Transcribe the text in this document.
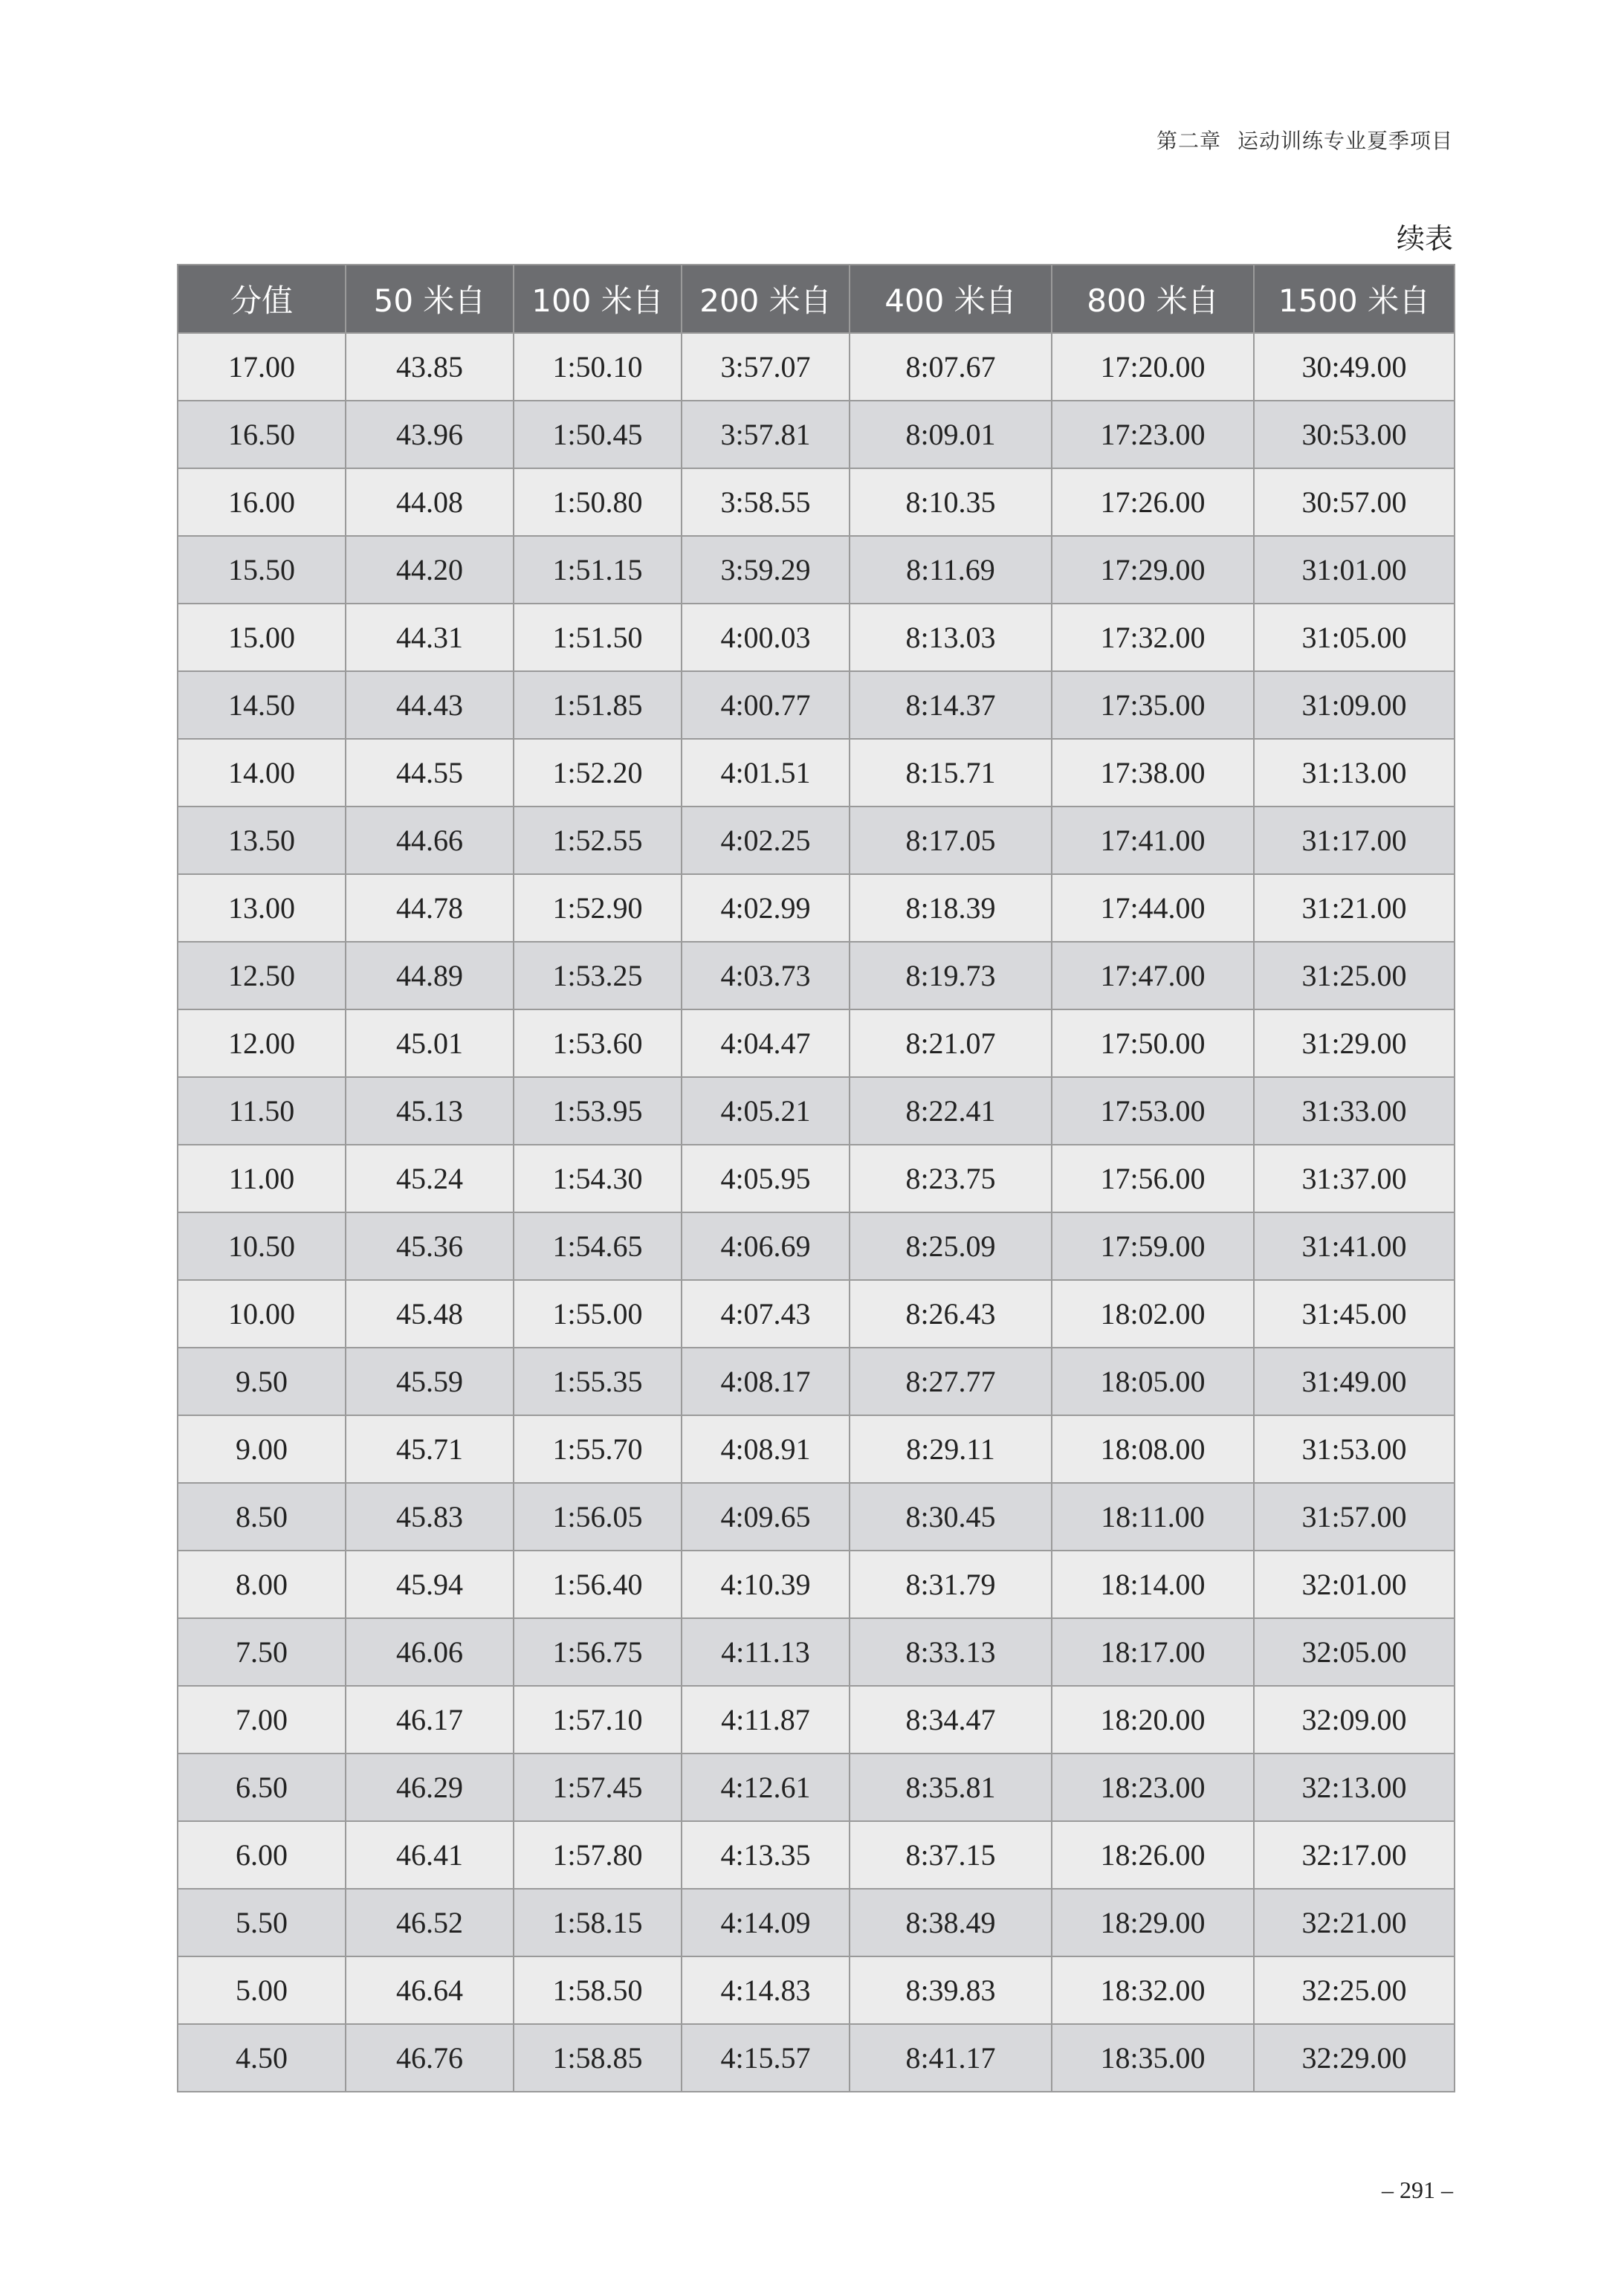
第二章 运动训练专业夏季项目
续表
分值	50 米自	100 米自	200 米自	400 米自	800 米自	1500 米自
17.00	43.85	1:50.10	3:57.07	8:07.67	17:20.00	30:49.00
16.50	43.96	1:50.45	3:57.81	8:09.01	17:23.00	30:53.00
16.00	44.08	1:50.80	3:58.55	8:10.35	17:26.00	30:57.00
15.50	44.20	1:51.15	3:59.29	8:11.69	17:29.00	31:01.00
15.00	44.31	1:51.50	4:00.03	8:13.03	17:32.00	31:05.00
14.50	44.43	1:51.85	4:00.77	8:14.37	17:35.00	31:09.00
14.00	44.55	1:52.20	4:01.51	8:15.71	17:38.00	31:13.00
13.50	44.66	1:52.55	4:02.25	8:17.05	17:41.00	31:17.00
13.00	44.78	1:52.90	4:02.99	8:18.39	17:44.00	31:21.00
12.50	44.89	1:53.25	4:03.73	8:19.73	17:47.00	31:25.00
12.00	45.01	1:53.60	4:04.47	8:21.07	17:50.00	31:29.00
11.50	45.13	1:53.95	4:05.21	8:22.41	17:53.00	31:33.00
11.00	45.24	1:54.30	4:05.95	8:23.75	17:56.00	31:37.00
10.50	45.36	1:54.65	4:06.69	8:25.09	17:59.00	31:41.00
10.00	45.48	1:55.00	4:07.43	8:26.43	18:02.00	31:45.00
9.50	45.59	1:55.35	4:08.17	8:27.77	18:05.00	31:49.00
9.00	45.71	1:55.70	4:08.91	8:29.11	18:08.00	31:53.00
8.50	45.83	1:56.05	4:09.65	8:30.45	18:11.00	31:57.00
8.00	45.94	1:56.40	4:10.39	8:31.79	18:14.00	32:01.00
7.50	46.06	1:56.75	4:11.13	8:33.13	18:17.00	32:05.00
7.00	46.17	1:57.10	4:11.87	8:34.47	18:20.00	32:09.00
6.50	46.29	1:57.45	4:12.61	8:35.81	18:23.00	32:13.00
6.00	46.41	1:57.80	4:13.35	8:37.15	18:26.00	32:17.00
5.50	46.52	1:58.15	4:14.09	8:38.49	18:29.00	32:21.00
5.00	46.64	1:58.50	4:14.83	8:39.83	18:32.00	32:25.00
4.50	46.76	1:58.85	4:15.57	8:41.17	18:35.00	32:29.00
– 291 –
